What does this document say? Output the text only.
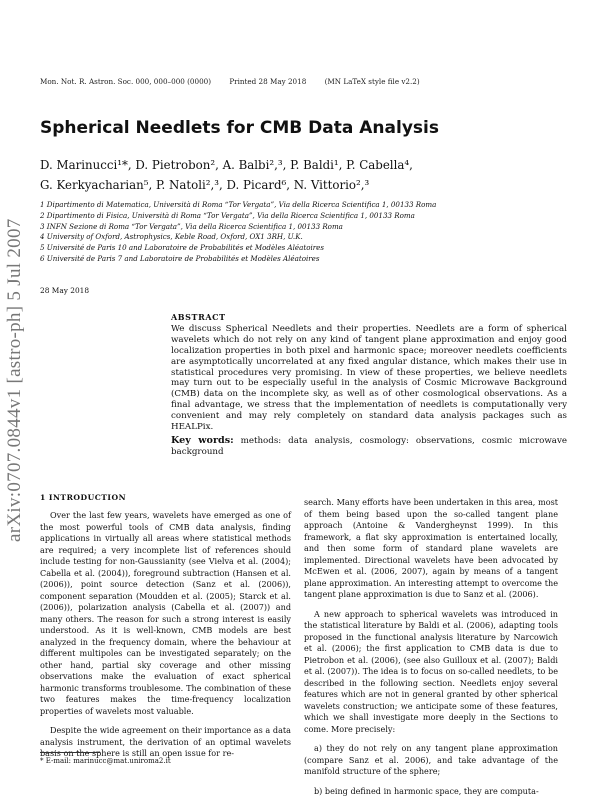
arXiv:0707.0844v1 [astro-ph] 5 Jul 2007
Mon. Not. R. Astron. Soc. 000, 000–000 (0000)	Printed 28 May 2018	(MN LaTeX style file v2.2)
Spherical Needlets for CMB Data Analysis
D. Marinucci¹*, D. Pietrobon², A. Balbi²,³, P. Baldi¹, P. Cabella⁴,
G. Kerkyacharian⁵, P. Natoli²,³, D. Picard⁶, N. Vittorio²,³
1 Dipartimento di Matematica, Università di Roma “Tor Vergata”, Via della Ricerca Scientifica 1, 00133 Roma
2 Dipartimento di Fisica, Università di Roma “Tor Vergata”, Via della Ricerca Scientifica 1, 00133 Roma
3 INFN Sezione di Roma “Tor Vergata”, Via della Ricerca Scientifica 1, 00133 Roma
4 University of Oxford, Astrophysics, Keble Road, Oxford, OX1 3RH, U.K.
5 Université de Paris 10 and Laboratoire de Probabilités et Modèles Aléatoires
6 Université de Paris 7 and Laboratoire de Probabilités et Modèles Aléatoires
28 May 2018
ABSTRACT
We discuss Spherical Needlets and their properties. Needlets are a form of spherical wavelets which do not rely on any kind of tangent plane approximation and enjoy good localization properties in both pixel and harmonic space; moreover needlets coefficients are asymptotically uncorrelated at any fixed angular distance, which makes their use in statistical procedures very promising. In view of these properties, we believe needlets may turn out to be especially useful in the analysis of Cosmic Microwave Background (CMB) data on the incomplete sky, as well as of other cosmological observations. As a final advantage, we stress that the implementation of needlets is computationally very convenient and may rely completely on standard data analysis packages such as HEALPix.
Key words: methods: data analysis, cosmology: observations, cosmic microwave background
1 INTRODUCTION

Over the last few years, wavelets have emerged as one of the most powerful tools of CMB data analysis, finding applications in virtually all areas where statistical methods are required; a very incomplete list of references should include testing for non-Gaussianity (see Vielva et al. (2004); Cabella et al. (2004)), foreground subtraction (Hansen et al. (2006)), point source detection (Sanz et al. (2006)), component separation (Moudden et al. (2005); Starck et al. (2006)), polarization analysis (Cabella et al. (2007)) and many others. The reason for such a strong interest is easily understood. As it is well-known, CMB models are best analyzed in the frequency domain, where the behaviour at different multipoles can be investigated separately; on the other hand, partial sky coverage and other missing observations make the evaluation of exact spherical harmonic transforms troublesome. The combination of these two features makes the time-frequency localization properties of wavelets most valuable.

Despite the wide agreement on their importance as a data analysis instrument, the derivation of an optimal wavelets basis on the sphere is still an open issue for re-

search. Many efforts have been undertaken in this area, most of them being based upon the so-called tangent plane approach (Antoine & Vandergheynst 1999). In this framework, a flat sky approximation is entertained locally, and then some form of standard plane wavelets are implemented. Directional wavelets have been advocated by McEwen et al. (2006, 2007), again by means of a tangent plane approximation. An interesting attempt to overcome the tangent plane approximation is due to Sanz et al. (2006).

A new approach to spherical wavelets was introduced in the statistical literature by Baldi et al. (2006), adapting tools proposed in the functional analysis literature by Narcowich et al. (2006); the first application to CMB data is due to Pietrobon et al. (2006), (see also Guilloux et al. (2007); Baldi et al. (2007)). The idea is to focus on so-called needlets, to be described in the following section. Needlets enjoy several features which are not in general granted by other spherical wavelets construction; we anticipate some of these features, which we shall investigate more deeply in the Sections to come. More precisely:

a) they do not rely on any tangent plane approximation (compare Sanz et al. 2006), and take advantage of the manifold structure of the sphere;

b) being defined in harmonic space, they are computa-

* E-mail: marinucc@mat.uniroma2.it
